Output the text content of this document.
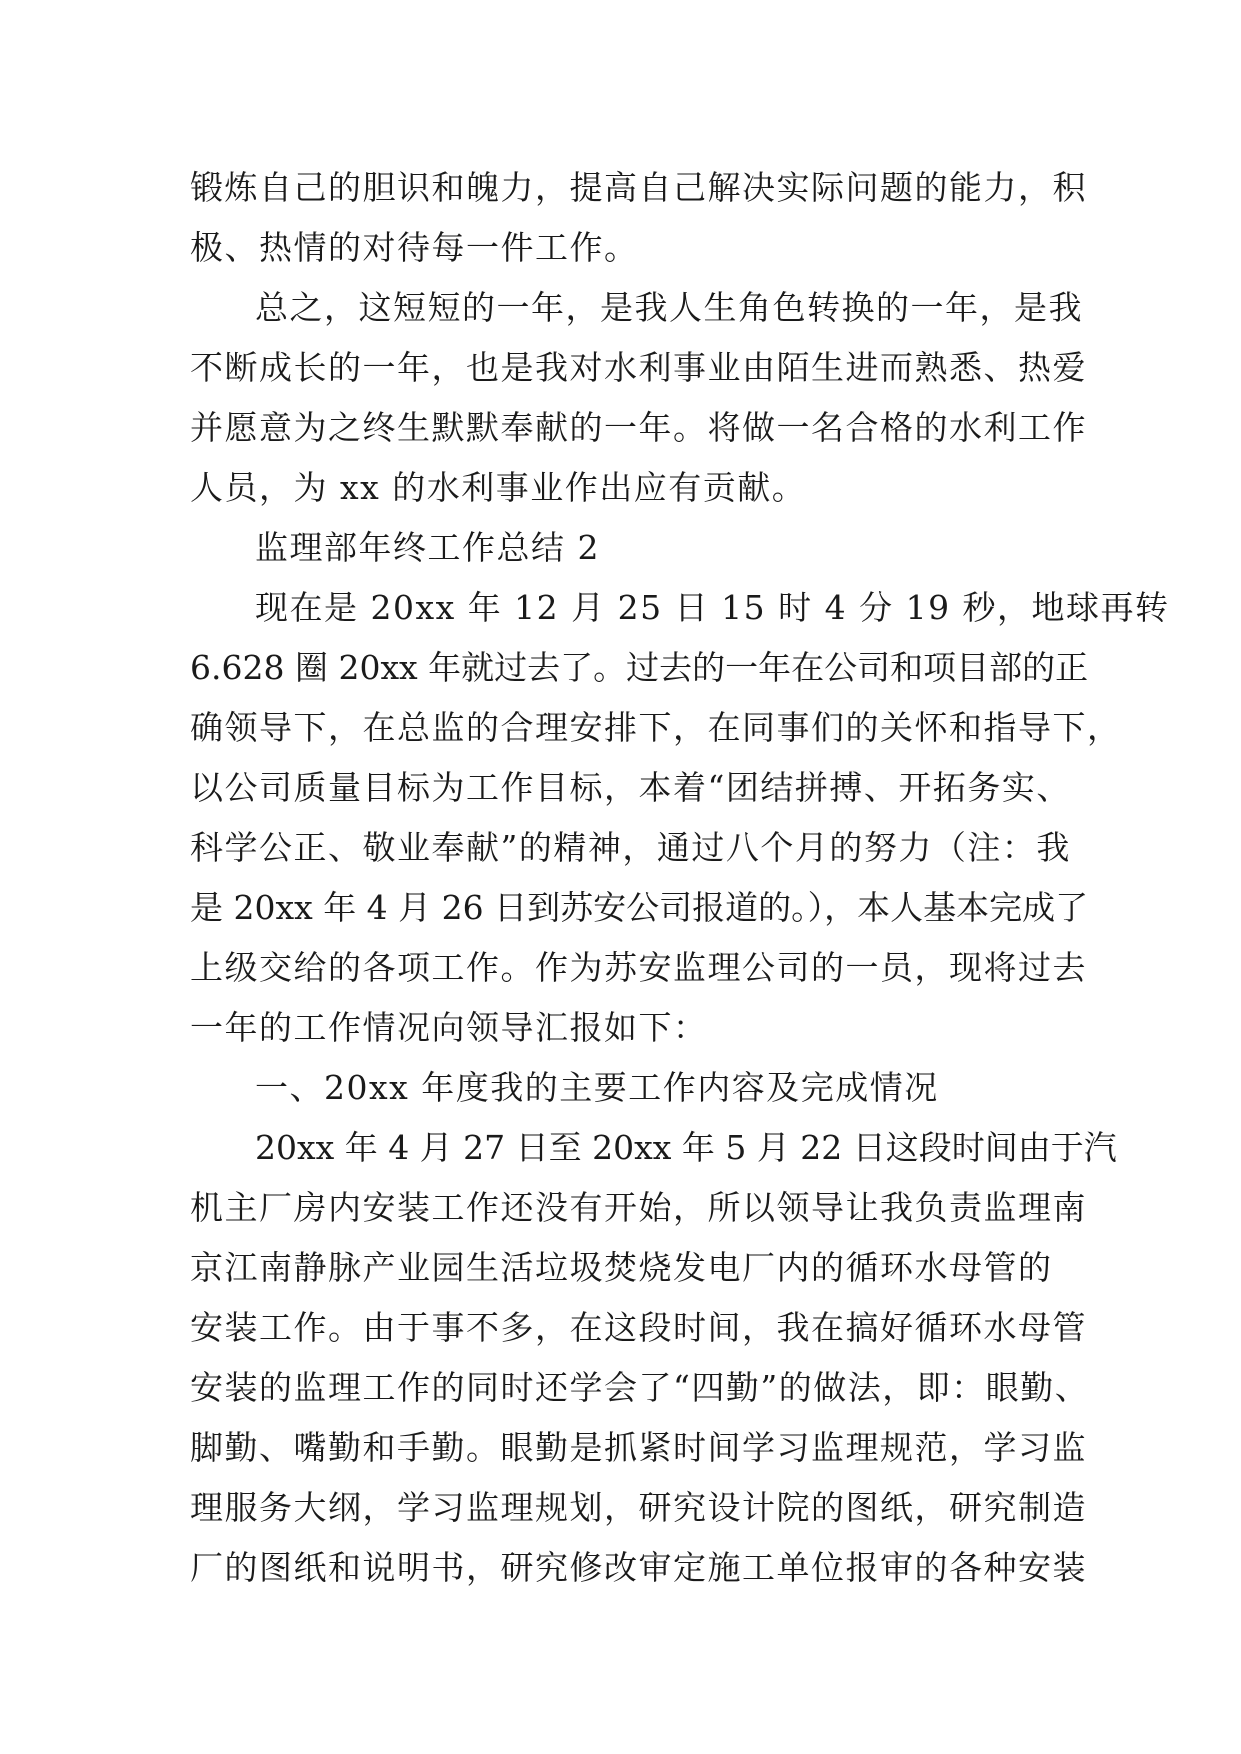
锻炼自己的胆识和魄力，提高自己解决实际问题的能力，积
极、热情的对待每一件工作。
总之，这短短的一年，是我人生角色转换的一年，是我
不断成长的一年，也是我对水利事业由陌生进而熟悉、热爱
并愿意为之终生默默奉献的一年。将做一名合格的水利工作
人员，为 xx 的水利事业作出应有贡献。
监理部年终工作总结 2
现在是 20xx 年 12 月 25 日 15 时 4 分 19 秒，地球再转
6.628 圈 20xx 年就过去了。过去的一年在公司和项目部的正
确领导下，在总监的合理安排下，在同事们的关怀和指导下，
以公司质量目标为工作目标，本着“团结拼搏、开拓务实、
科学公正、敬业奉献”的精神，通过八个月的努力（注：我
是 20xx 年 4 月 26 日到苏安公司报道的。），本人基本完成了
上级交给的各项工作。作为苏安监理公司的一员，现将过去
一年的工作情况向领导汇报如下：
一、20xx 年度我的主要工作内容及完成情况
20xx 年 4 月 27 日至 20xx 年 5 月 22 日这段时间由于汽
机主厂房内安装工作还没有开始，所以领导让我负责监理南
京江南静脉产业园生活垃圾焚烧发电厂内的循环水母管的
安装工作。由于事不多，在这段时间，我在搞好循环水母管
安装的监理工作的同时还学会了“四勤”的做法，即：眼勤、
脚勤、嘴勤和手勤。眼勤是抓紧时间学习监理规范，学习监
理服务大纲，学习监理规划，研究设计院的图纸，研究制造
厂的图纸和说明书，研究修改审定施工单位报审的各种安装
